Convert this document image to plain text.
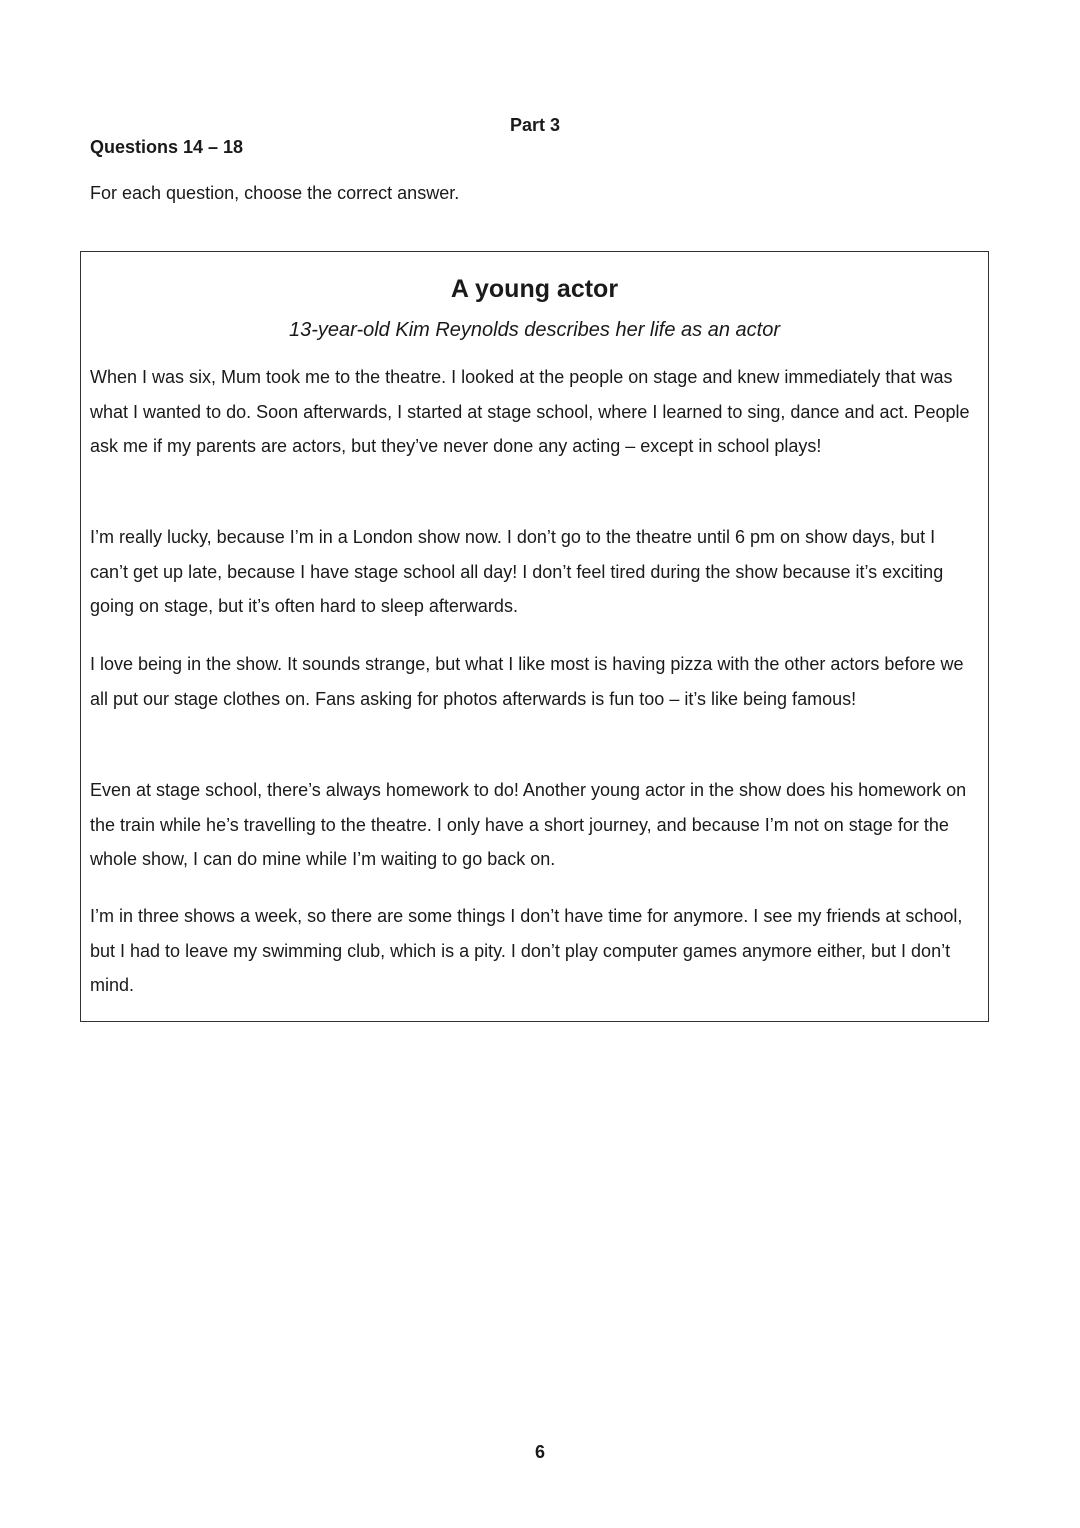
Part 3
Questions 14 – 18
For each question, choose the correct answer.
A young actor
13-year-old Kim Reynolds describes her life as an actor

When I was six, Mum took me to the theatre. I looked at the people on stage and knew immediately that was what I wanted to do. Soon afterwards, I started at stage school, where I learned to sing, dance and act. People ask me if my parents are actors, but they’ve never done any acting – except in school plays!

I’m really lucky, because I’m in a London show now. I don’t go to the theatre until 6 pm on show days, but I can’t get up late, because I have stage school all day! I don’t feel tired during the show because it’s exciting going on stage, but it’s often hard to sleep afterwards.

I love being in the show. It sounds strange, but what I like most is having pizza with the other actors before we all put our stage clothes on. Fans asking for photos afterwards is fun too – it’s like being famous!

Even at stage school, there’s always homework to do! Another young actor in the show does his homework on the train while he’s travelling to the theatre. I only have a short journey, and because I’m not on stage for the whole show, I can do mine while I’m waiting to go back on.

I’m in three shows a week, so there are some things I don’t have time for anymore. I see my friends at school, but I had to leave my swimming club, which is a pity. I don’t play computer games anymore either, but I don’t mind.

6
